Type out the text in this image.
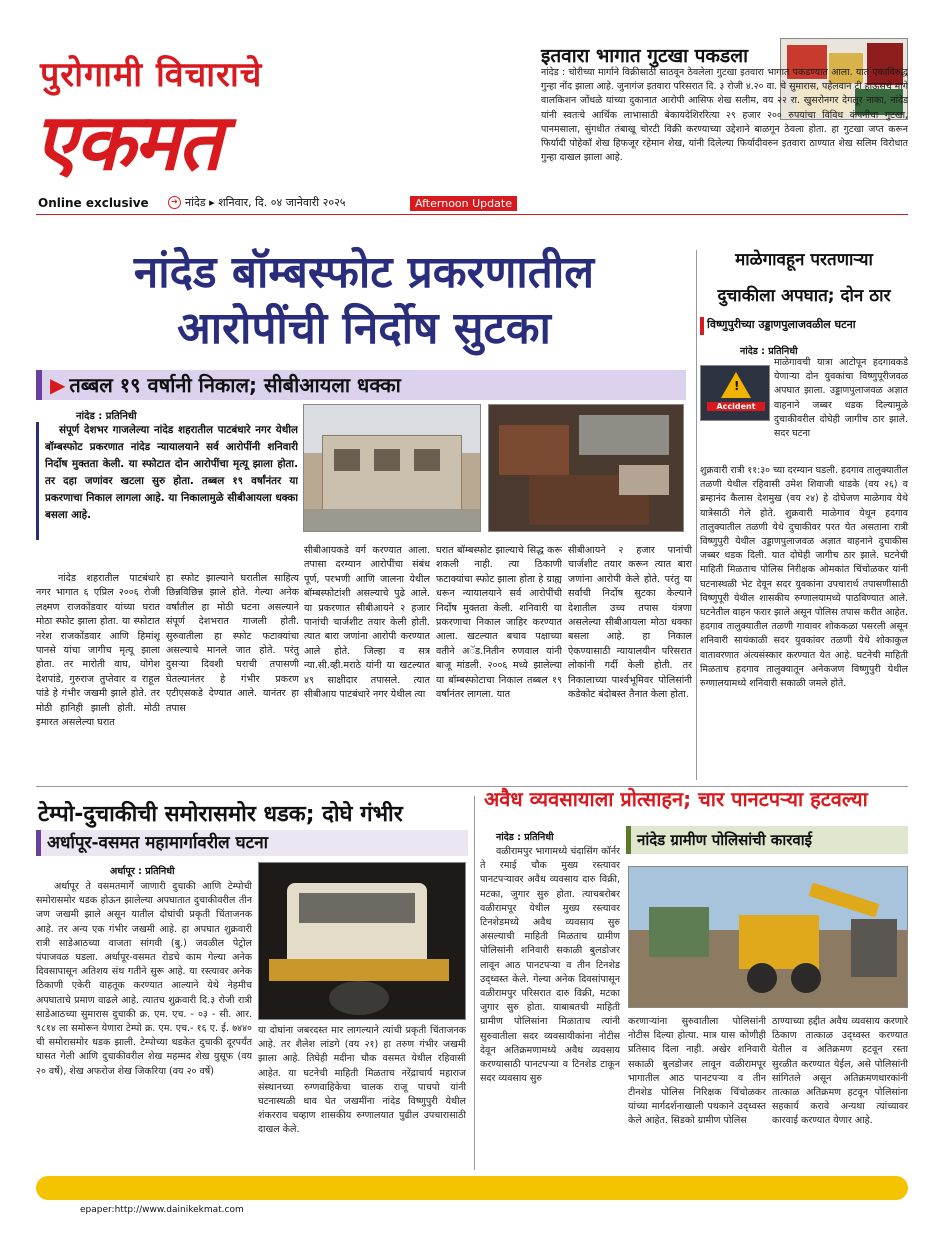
पुरोगामी विचाराचे
एकमत
Online exclusive	➔ नांदेड ▸ शनिवार, दि. ०४ जानेवारी २०२५	Afternoon Update
इतवारा भागात गुटखा पकडला
नांदेड : चोरीच्या मार्गाने विक्रीसाठी साठवून ठेवलेला गुटखा इतवारा भागात पकडण्यात आला. यात एकाविरुद्ध गुन्हा नोंद झाला आहे. जुनागंज इतवारा परिसरात दि. ३ रोजी ४.२० वा. चे सुमारास, पहेलवान टी हाऊसचे मागे वालकिशन जोंधळे यांच्या दुकानात आरोपी आसिफ शेख सलीम, वय २२ रा. खुसरोनगर देगलूर नाका, नांदेड यांनी स्वतःचे आर्थिक लाभासाठी बेकायदेशिररित्या २९ हजार २०० रुपयांचा विविध कंपनीचा गुटखा, पानमसाला, सुंगधीत तंबाखू चोरटी विक्री करण्याच्या उद्देशाने बाळगून ठेवला होता. हा गुटखा जप्त करून फिर्यादी पोहेकॉ शेख हिफजूर रहेमान शेख, यांनी दिलेल्या फिर्यादीवरुन इतवारा ठाण्यात शेख सलिम विरोधात गुन्हा दाखल झाला आहे.
नांदेड बॉम्बस्फोट प्रकरणातील
आरोपींची निर्दोष सुटका
▶ तब्बल १९ वर्षानी निकाल; सीबीआयला धक्का
नांदेड : प्रतिनिधी
संपूर्ण देशभर गाजलेल्या नांदेड शहरातील पाटबंधारे नगर येथील बॉम्बस्फोट प्रकरणात नांदेड न्यायालयाने सर्व आरोपींनी शनिवारी निर्दोष मुक्तता केली. या स्फोटात दोन आरोपींचा मृत्यू झाला होता. तर दहा जणांवर खटला सुरु होता. तब्बल १९ वर्षांनंतर या प्रकरणाचा निकाल लागला आहे. या निकालामुळे सीबीआयला धक्का बसला आहे.
नांदेड शहरातील पाटबंधारे नगर भागात ६ एप्रिल २००६ रोजी लक्ष्मण राजकोंडवार यांच्या घरात मोठा स्फोट झाला होता. या स्फोटात नरेश राजकोंडवार आणि हिमांशू पानसे यांचा जागीच मृत्यू झाला होता. तर मारोती वाघ, योगेश देशपांडे, गुरुराज तुप्तेवार व राहूल पांडे हे गंभीर जखमी झाले होते. तर मोठी हानिही झाली होती. मोठी इमारत असलेल्या घरात
हा स्फोट झाल्याने घरातील साहित्य छिन्नविछिन्न झाले होते. गेल्या अनेक वर्षांतील हा मोठी घटना असल्याने संपूर्ण देशभरात गाजली होती. सुरुवातीला हा स्फोट फटाक्यांचा असल्याचे मानले जात होते. परंतु दुसऱ्या दिवशी घराची तपासणी घेतल्यानंतर हे गंभीर प्रकरण एटीएसकडे देण्यात आले. यानंतर हा तपास
सीबीआयकडे वर्ग करण्यात आला. तपासा दरम्यान आरोपींचा संबंध पूर्ण, परभणी आणि जालना येथील बॉम्बस्फोटांशी असल्याचे पुढे आले. या प्रकरणात सीबीआयने २ हजार पानांची चार्जशीट तयार केली होती. त्यात बारा जणांना आरोपी करण्यात आले होते. जिल्हा व सत्र न्या.सी.व्ही.मराठे यांनी या खटल्यात ४९ साक्षीदार तपासले. त्यात सीबीआय पाटबंधारे नगर येथील त्या
घरात बॉम्बस्फोट झाल्याचे सिद्ध करू शकली नाही. त्या ठिकाणी फटाक्यांचा स्फोट झाला होता हे ग्राह्य धरून न्यायालयाने सर्व आरोपींची निर्दोष मुक्तता केली. शनिवारी या प्रकरणाचा निकाल जाहिर करण्यात आला. खटल्यात बचाव पक्षाच्या वतीने अॅड.नितीन रुणवाल यांनी बाजू मांडली. २००६ मध्ये झालेल्या या बॉम्बस्फोटाचा निकाल तब्बल १९ वर्षांनंतर लागला. यात
सीबीआयने २ हजार पानांची चार्जशीट तयार करून त्यात बारा जणांना आरोपी केले होते. परंतु या सर्वांची निर्दोष सुटका केल्याने देशातील उच्च तपास यंत्रणा असलेल्या सीबीआयला मोठा धक्का बसला आहे. हा निकाल ऐकण्यासाठी न्यायालयीन परिसरात लोकांनी गर्दी केली होती. तर निकालाच्या पार्श्वभूमिवर पोलिसांनी कडेकोट बंदोबस्त तैनात केला होता.
माळेगावहून परतणाऱ्या
दुचाकीला अपघात; दोन ठार
विष्णुपुरीच्या उड्डाणपुलाजवळील घटना
नांदेड : प्रतिनिधी
!
Accident
माळेगावची यात्रा आटोपून हदगावकडे येणाऱ्या दोन युवकांचा विष्णुपूरीजवळ अपघात झाला. उड्डाणपुलाजवळ अज्ञात वाहनाने जब्बर धडक दिल्यामुळे दुचाकीवरील दोघेही जागीच ठार झाले. सदर घटना
शुक्रवारी रात्री ११:३० च्या दरम्यान घडली. हदगाव तालुक्यातील तळणी येथील रहिवासी उमेश शिवाजी थाडके (वय २६) व ब्रम्हानंद कैलास देशमुख (वय २४) हे दोघेजण माळेगाव येथे यात्रेसाठी गेले होते. शुक्रवारी माळेगाव येथून हदगाव तालुक्यातील तळणी येथे दुचाकीवर परत येत असताना रात्री विष्णुपुरी येथील उड्डाणपुलाजवळ अज्ञात वाहनाने दुचाकीस जब्बर धडक दिली. यात दोघेही जागीच ठार झाले. घटनेची माहिती मिळताच पोलिस निरीक्षक ओमकांत चिंचोळकर यांनी घटनास्थळी भेट देवून सदर युवकांना उपचारार्थ तपासणीसाठी विष्णुपूरी येथील शासकीय रुग्णालयामध्ये पाठविण्यात आले. घटनेतील वाहन फरार झाले असून पोलिस तपास करीत आहेत. हदगाव तालुक्यातील तळणी गावावर शोककळा पसरली असून शनिवारी सायंकाळी सदर युवकांवर तळणी येथे शोकाकुल वातावरणात अंत्यसंस्कार करण्यात येत आहे. घटनेची माहिती मिळताच हदगाव तालुक्यातून अनेकजण विष्णुपुरी येथील रुग्णालयामध्ये शनिवारी सकाळी जमले होते.
टेम्पो-दुचाकीची समोरासमोर धडक; दोघे गंभीर
अर्धापूर-वसमत महामार्गावरील घटना
अर्धापूर : प्रतिनिधी
अर्धापूर ते वसमतमार्गे जाणारी दुचाकी आणि टेम्पोची समोरासमोर धडक होऊन झालेल्या अपघातात दुचाकीवरील तीन जण जखमी झाले असून यातील दोघांची प्रकृती चिंताजनक आहे. तर अन्य एक गंभीर जखमी आहे. हा अपघात शुक्रवारी रात्री साडेआठच्या वाजता सांगवी (बु.) जवळील पेट्रोल पंपाजवळ घडला. अर्धापूर-वसमत रोडचे काम गेल्या अनेक दिवसापासून अतिशय संथ गतीने सुरू आहे. या रस्त्यावर अनेक ठिकाणी एकेरी वाहतूक करण्यात आल्याने येथे नेहमीच अपघाताचे प्रमाण वाढले आहे. त्यातच शुक्रवारी दि.३ रोजी रात्री साडेआठच्या सुमारास दुचाकी क्र. एम. एच. - ०३ - सी. आर. ९८१४ ला समोरून येणारा टेम्पो क्र. एम. एच.- १६ ए. ई. ७४४० ची समोरासमोर धडक झाली. टेम्पोच्या धडकेत दुचाकी दूरपर्यंत घासत गेली आणि दुचाकीवरील शेख महम्मद शेख युसूफ (वय २० वर्षे), शेख अफरोज शेख जिकरिया (वय २० वर्षे)
या दोघांना जबरदस्त मार लागल्याने त्यांची प्रकृती चिंताजनक आहे. तर शैलेश लांडगे (वय २१) हा तरुण गंभीर जखमी झाला आहे. तिघेही मदीना चौक वसमत येथील रहिवासी आहेत. या घटनेची माहिती मिळताच नरेंद्राचार्य महाराज संस्थानच्या रुग्णवाहिकेचा चालक राजू पाचपो यांनी घटनास्थळी धाव घेत जखमींना नांदेड विष्णुपुरी येथील शंकरराव चव्हाण शासकीय रुग्णालयात पुढील उपचारासाठी दाखल केले.
अवैध व्यवसायाला प्रोत्साहन; चार पानटपऱ्या हटवल्या
नांदेड : प्रतिनिधी
वळीरामपुर भागामध्ये चंदासिंग कॉर्नर ते रमाई चौक मुख्य रस्त्यावर पानटपऱ्यावर अवैध व्यवसाय दारु विक्री, मटका, जुगार सुरु होता. त्याचबरोबर वळीरामपूर येथील मुख्य रस्त्यावर टिनशेडमध्ये अवैध व्यवसाय सुरु असल्याची माहिती मिळताच ग्रामीण पोलिसांनी शनिवारी सकाळी बुलडोजर लावून आठ पानटपऱ्या व तीन टिनशेड उद्ध्वस्त केले. गेल्या अनेक दिवसांपासून वळीरामपुर परिसरात दारु विक्री, मटका जुगार सुरु होता. याबाबतची माहिती ग्रामीण पोलिसांना मिळाताच त्यांनी सुरुवातीला सदर व्यवसायीकांना नोटीस देवून अतिक्रमणामध्ये अवैध व्यवसाय करण्यासाठी पानटपऱ्या व टिनशेड टाकून सदर व्यवसाय सुरु
नांदेड ग्रामीण पोलिसांची कारवाई
करणाऱ्यांना सुरुवातीला पोलिसांनी नोटीस दिल्या होत्या. मात्र यास कोणीही प्रतिसाद दिला नाही. अखेर शनिवारी सकाळी बुलडोजर लावून वळीरामपूर भागातील आठ पानटपऱ्या व तीन टीनशेड पोलिस निरिक्षक चिंचोळकर यांच्या मार्गदर्शनाखाली पथकाने उद्ध्वस्त केले आहेत. सिडको ग्रामीण पोलिस
ठाण्याच्या हद्दीत अवैध व्यवसाय करणारे ठिकाण तात्काळ उद्ध्वस्त करण्यात येतील व अतिक्रमण हटवून रस्ता सुरळीत करण्यात येईल, असे पोलिसांनी सांगितले असून अतिक्रमणधारकांनी तात्काळ अतिक्रमण हटवून पोलिसांना सहकार्य करावे अन्यथा त्यांच्यावर कारवाई करण्यात येणार आहे.
epaper:http://www.dainikekmat.com
